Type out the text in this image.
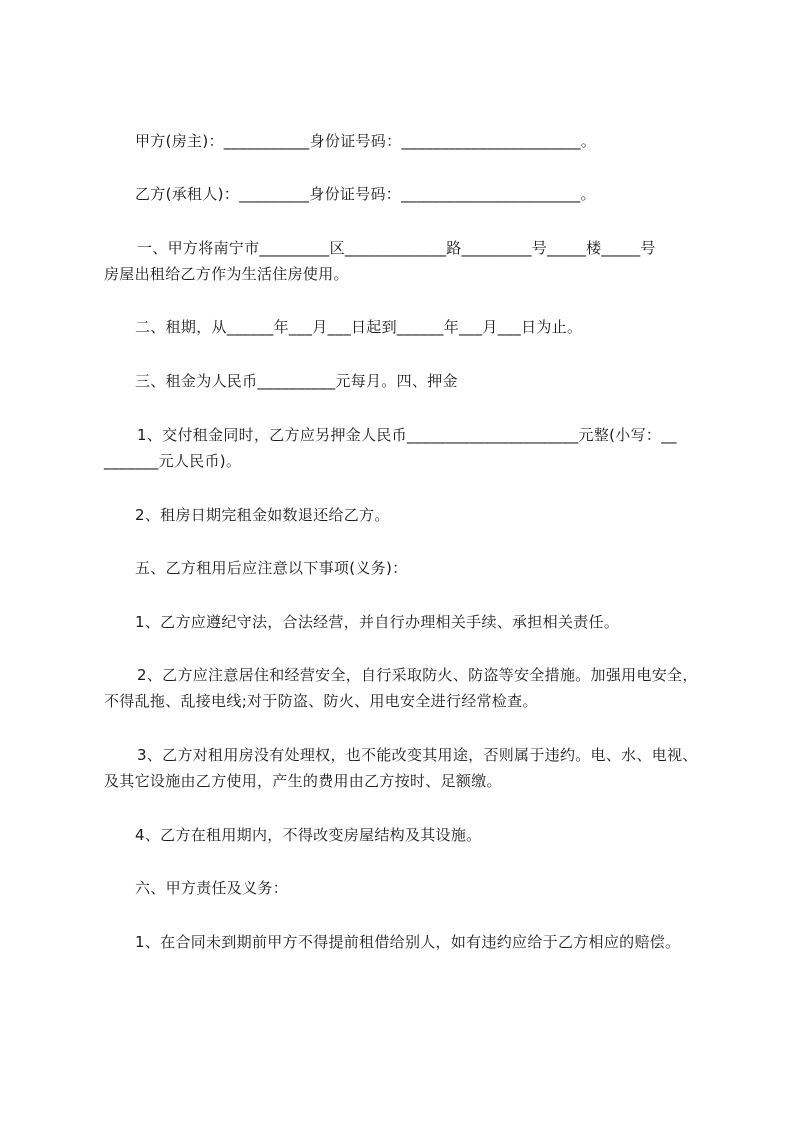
甲方(房主)：___________身份证号码：_______________________。
乙方(承租人)：_________身份证号码：_______________________。
一、甲方将南宁市_________区_____________路_________号_____楼_____号
房屋出租给乙方作为生活住房使用。
二、租期，从______年___月___日起到______年___月___日为止。
三、租金为人民币__________元每月。四、押金
1、交付租金同时，乙方应另押金人民币______________________元整(小写：__
_______元人民币)。
2、租房日期完租金如数退还给乙方。
五、乙方租用后应注意以下事项(义务)：
1、乙方应遵纪守法，合法经营，并自行办理相关手续、承担相关责任。
2、乙方应注意居住和经营安全，自行采取防火、防盗等安全措施。加强用电安全，
不得乱拖、乱接电线;对于防盗、防火、用电安全进行经常检查。
3、乙方对租用房没有处理权，也不能改变其用途，否则属于违约。电、水、电视、
及其它设施由乙方使用，产生的费用由乙方按时、足额缴。
4、乙方在租用期内，不得改变房屋结构及其设施。
六、甲方责任及义务：
1、在合同未到期前甲方不得提前租借给别人，如有违约应给于乙方相应的赔偿。
